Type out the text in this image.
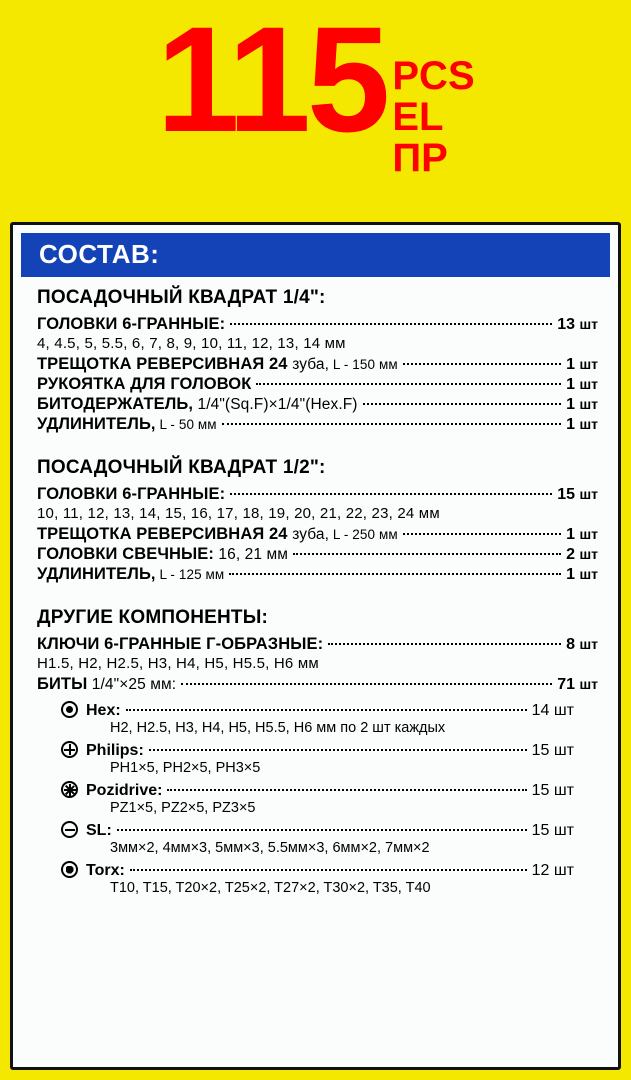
115 PCS
EL
ПР
СОСТАВ:
ПОСАДОЧНЫЙ КВАДРАТ 1/4":
ГОЛОВКИ 6-ГРАННЫЕ:	13 шт
4, 4.5, 5, 5.5, 6, 7, 8, 9, 10, 11, 12, 13, 14 мм
ТРЕЩОТКА РЕВЕРСИВНАЯ 24 зуба, L - 150 мм	1 шт
РУКОЯТКА ДЛЯ ГОЛОВОК	1 шт
БИТОДЕРЖАТЕЛЬ, 1/4"(Sq.F)×1/4"(Hex.F)	1 шт
УДЛИНИТЕЛЬ, L - 50 мм	1 шт
ПОСАДОЧНЫЙ КВАДРАТ 1/2":
ГОЛОВКИ 6-ГРАННЫЕ:	15 шт
10, 11, 12, 13, 14, 15, 16, 17, 18, 19, 20, 21, 22, 23, 24 мм
ТРЕЩОТКА РЕВЕРСИВНАЯ 24 зуба, L - 250 мм	1 шт
ГОЛОВКИ СВЕЧНЫЕ: 16, 21 мм	2 шт
УДЛИНИТЕЛЬ, L - 125 мм	1 шт
ДРУГИЕ КОМПОНЕНТЫ:
КЛЮЧИ 6-ГРАННЫЕ Г-ОБРАЗНЫЕ:	8 шт
H1.5, H2, H2.5, H3, H4, H5, H5.5, H6 мм
БИТЫ 1/4"×25 мм:	71 шт
Hex:	14 шт
H2, H2.5, H3, H4, H5, H5.5, H6 мм по 2 шт каждых
Philips:	15 шт
PH1×5, PH2×5, PH3×5
Pozidrive:	15 шт
PZ1×5, PZ2×5, PZ3×5
SL:	15 шт
3мм×2, 4мм×3, 5мм×3, 5.5мм×3, 6мм×2, 7мм×2
Torx:	12 шт
T10, T15, T20×2, T25×2, T27×2, T30×2, T35, T40
